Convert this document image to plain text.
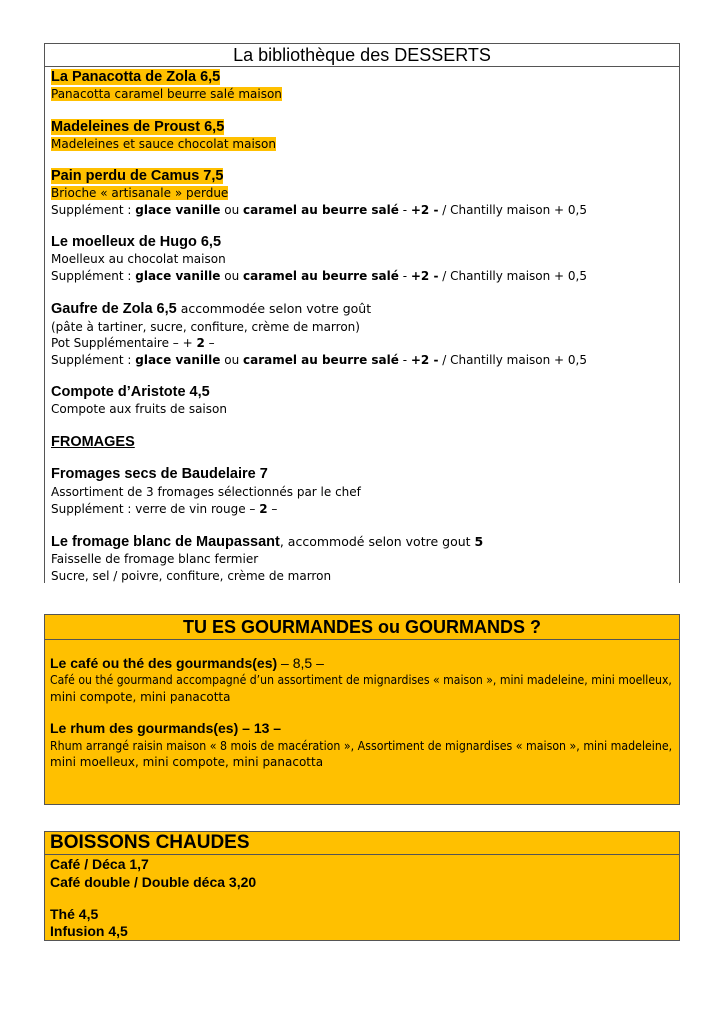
La bibliothèque des DESSERTS
La Panacotta de Zola 6,5
Panacotta caramel beurre salé maison
Madeleines de Proust 6,5
Madeleines et sauce chocolat maison
Pain perdu de Camus 7,5
Brioche « artisanale » perdue
Supplément : glace vanille ou caramel au beurre salé - +2 - / Chantilly maison + 0,5
Le moelleux de Hugo 6,5
Moelleux au chocolat maison
Supplément : glace vanille ou caramel au beurre salé - +2 - / Chantilly maison + 0,5
Gaufre de Zola 6,5 accommodée selon votre goût
(pâte à tartiner, sucre, confiture, crème de marron)
Pot Supplémentaire – + 2 –
Supplément : glace vanille ou caramel au beurre salé - +2 - / Chantilly maison + 0,5
Compote d’Aristote 4,5
Compote aux fruits de saison
FROMAGES
Fromages secs de Baudelaire 7
Assortiment de 3 fromages sélectionnés par le chef
Supplément : verre de vin rouge – 2 –
Le fromage blanc de Maupassant, accommodé selon votre gout 5
Faisselle de fromage blanc fermier
Sucre, sel / poivre, confiture, crème de marron
TU ES GOURMANDES ou GOURMANDS ?
Le café ou thé des gourmands(es) – 8,5 –
Café ou thé gourmand accompagné d’un assortiment de mignardises « maison », mini madeleine, mini moelleux,
mini compote, mini panacotta
Le rhum des gourmands(es) – 13 –
Rhum arrangé raisin maison « 8 mois de macération », Assortiment de mignardises « maison », mini madeleine,
mini moelleux, mini compote, mini panacotta
BOISSONS CHAUDES
Café / Déca 1,7
Café double / Double déca 3,20
Thé 4,5
Infusion 4,5
